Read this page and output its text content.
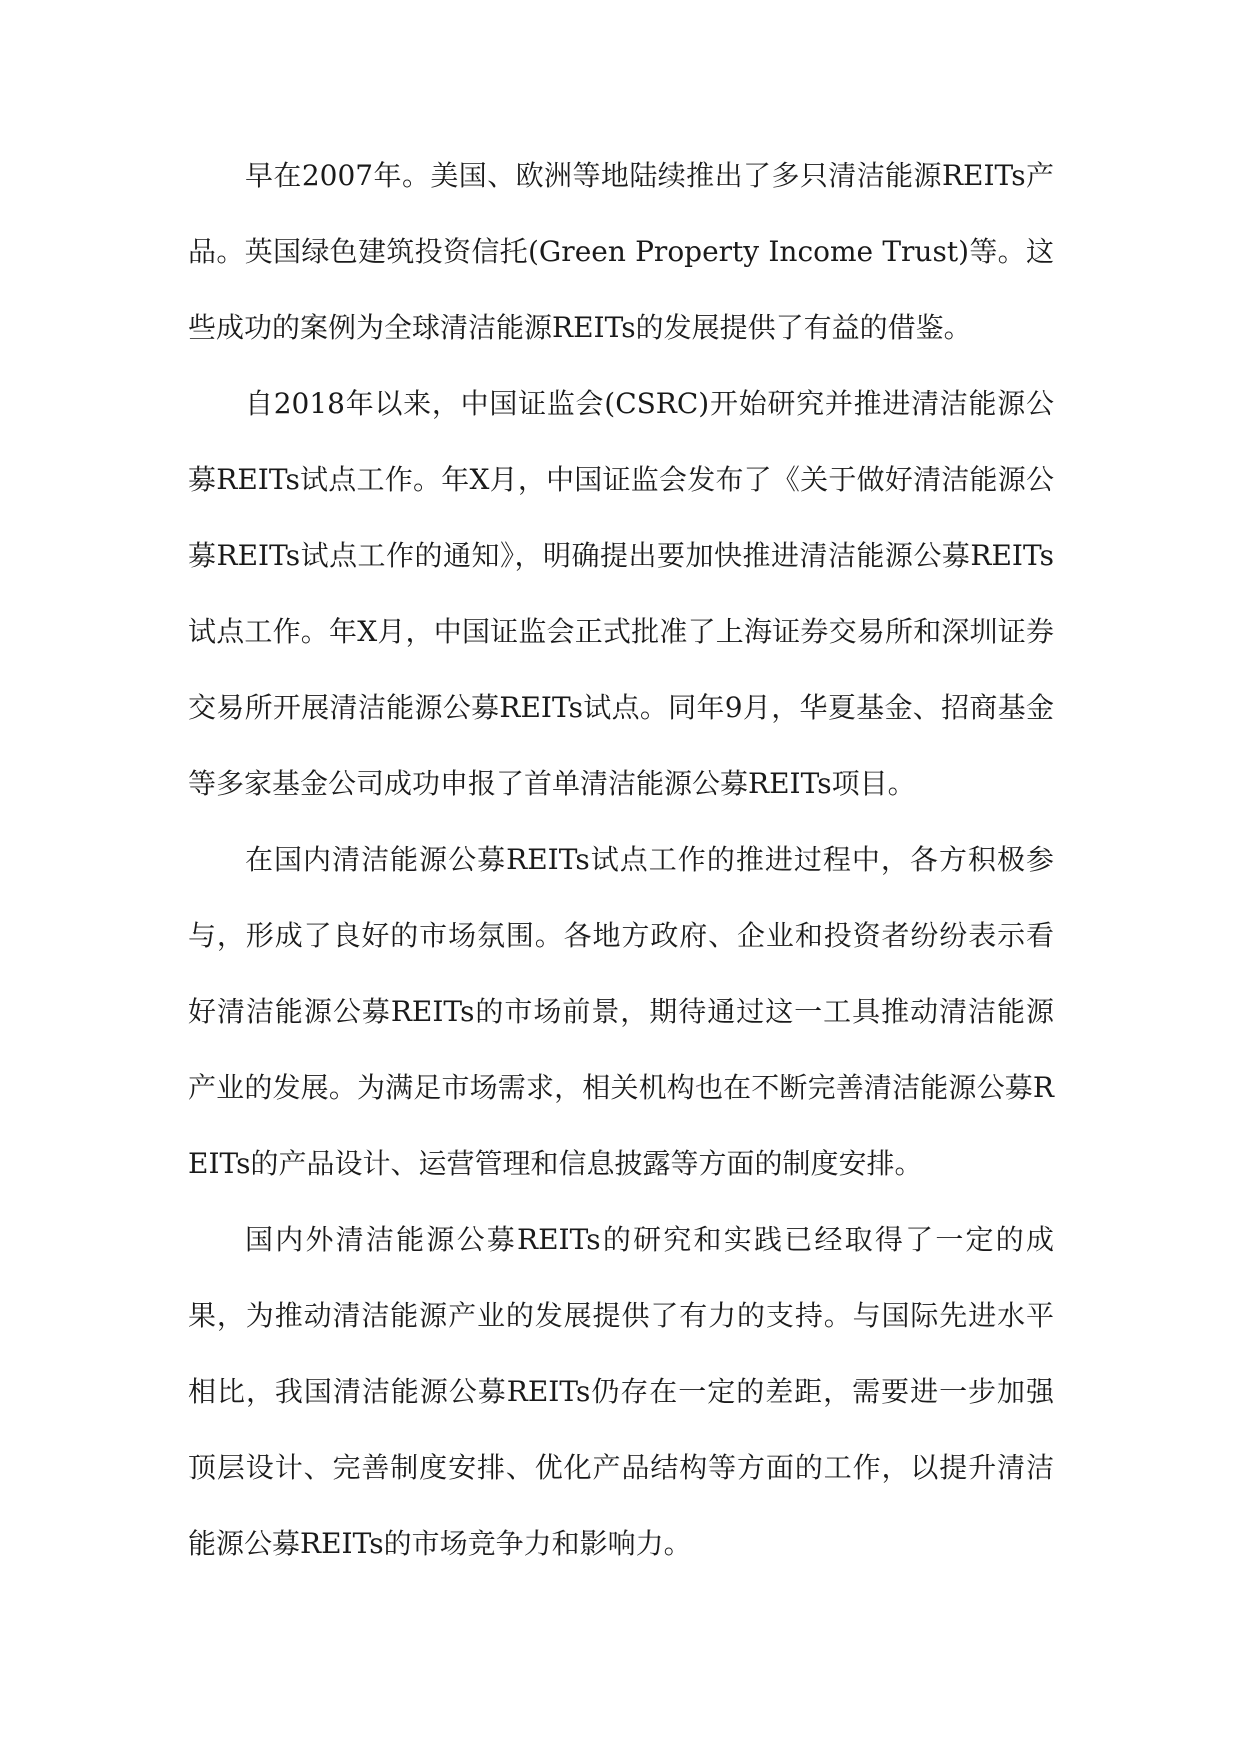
早在2007年。美国、欧洲等地陆续推出了多只清洁能源REITs产品。英国绿色建筑投资信托(Green Property Income Trust)等。这些成功的案例为全球清洁能源REITs的发展提供了有益的借鉴。

自2018年以来，中国证监会(CSRC)开始研究并推进清洁能源公募REITs试点工作。年X月，中国证监会发布了《关于做好清洁能源公募REITs试点工作的通知》，明确提出要加快推进清洁能源公募REITs试点工作。年X月，中国证监会正式批准了上海证券交易所和深圳证券交易所开展清洁能源公募REITs试点。同年9月，华夏基金、招商基金等多家基金公司成功申报了首单清洁能源公募REITs项目。

在国内清洁能源公募REITs试点工作的推进过程中，各方积极参与，形成了良好的市场氛围。各地方政府、企业和投资者纷纷表示看好清洁能源公募REITs的市场前景，期待通过这一工具推动清洁能源产业的发展。为满足市场需求，相关机构也在不断完善清洁能源公募REITs的产品设计、运营管理和信息披露等方面的制度安排。

国内外清洁能源公募REITs的研究和实践已经取得了一定的成果，为推动清洁能源产业的发展提供了有力的支持。与国际先进水平相比，我国清洁能源公募REITs仍存在一定的差距，需要进一步加强顶层设计、完善制度安排、优化产品结构等方面的工作，以提升清洁能源公募REITs的市场竞争力和影响力。
